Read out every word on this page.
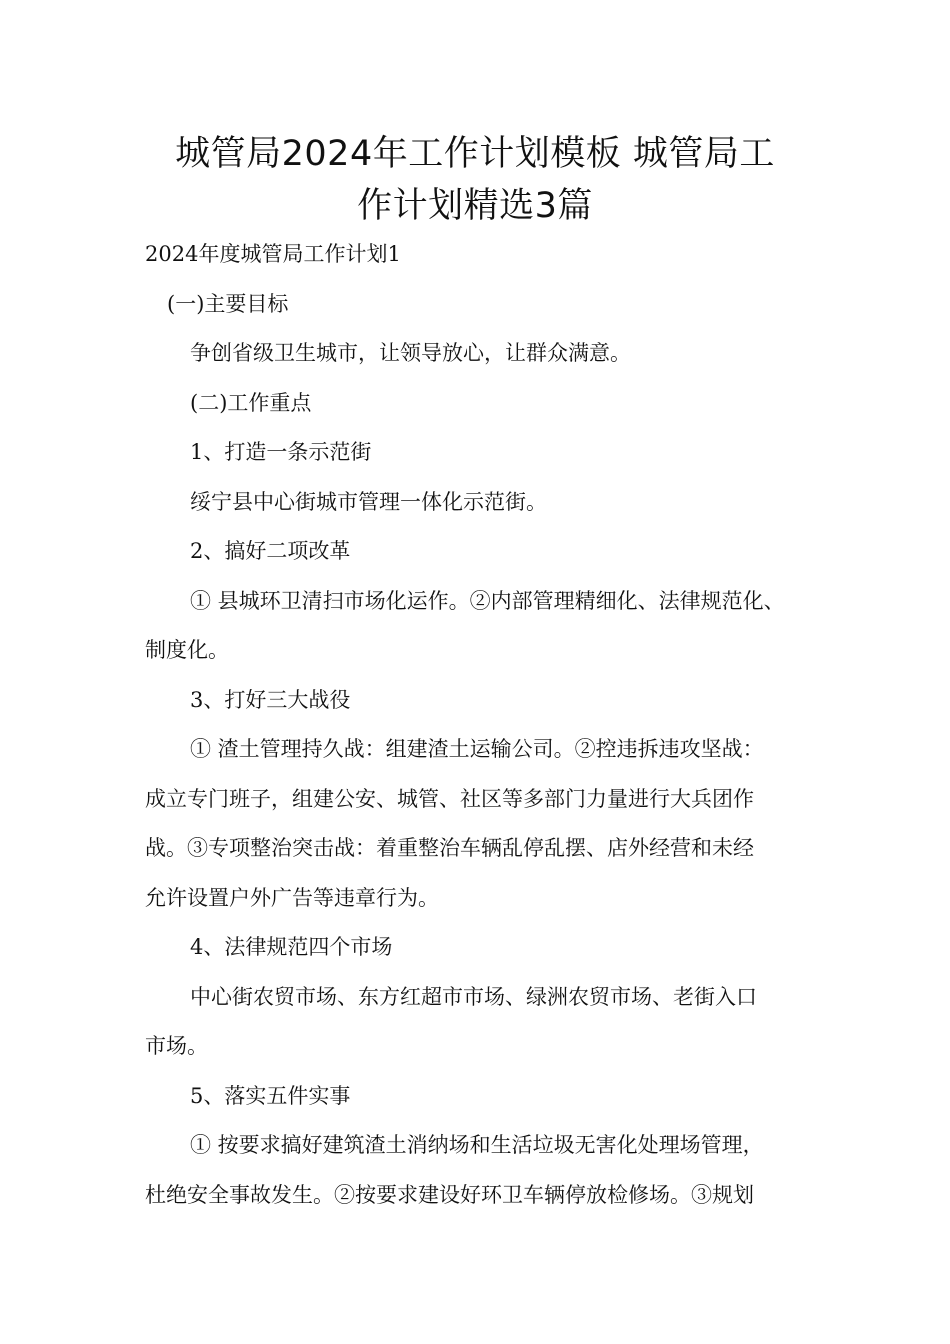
城管局2024年工作计划模板 城管局工
作计划精选3篇

2024年度城管局工作计划1

(一)主要目标

争创省级卫生城市，让领导放心，让群众满意。

(二)工作重点

1、打造一条示范街

绥宁县中心街城市管理一体化示范街。

2、搞好二项改革

① 县城环卫清扫市场化运作。②内部管理精细化、法律规范化、

制度化。

3、打好三大战役

① 渣土管理持久战：组建渣土运输公司。②控违拆违攻坚战：

成立专门班子，组建公安、城管、社区等多部门力量进行大兵团作

战。③专项整治突击战：着重整治车辆乱停乱摆、店外经营和未经

允许设置户外广告等违章行为。

4、法律规范四个市场

中心街农贸市场、东方红超市市场、绿洲农贸市场、老街入口

市场。

5、落实五件实事

① 按要求搞好建筑渣土消纳场和生活垃圾无害化处理场管理，

杜绝安全事故发生。②按要求建设好环卫车辆停放检修场。③规划
